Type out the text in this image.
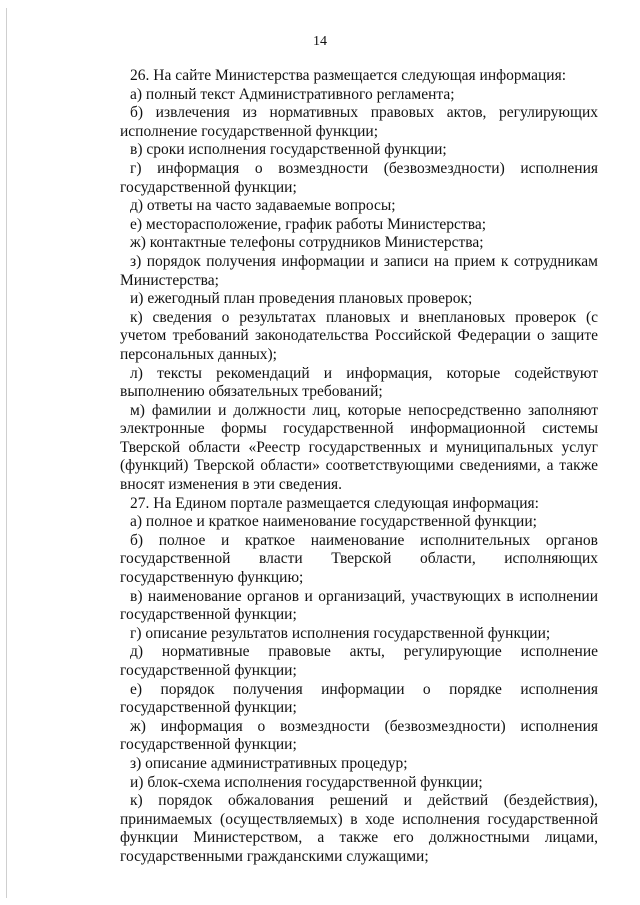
14

26. На сайте Министерства размещается следующая информация:

а) полный текст Административного регламента;

б) извлечения из нормативных правовых актов, регулирующих исполнение государственной функции;

в) сроки исполнения государственной функции;

г) информация о возмездности (безвозмездности) исполнения государственной функции;

д) ответы на часто задаваемые вопросы;

е) месторасположение, график работы Министерства;

ж) контактные телефоны сотрудников Министерства;

з) порядок получения информации и записи на прием к сотрудникам Министерства;

и) ежегодный план проведения плановых проверок;

к) сведения о результатах плановых и внеплановых проверок (с учетом требований законодательства Российской Федерации о защите персональных данных);

л) тексты рекомендаций и информация, которые содействуют выполнению обязательных требований;

м) фамилии и должности лиц, которые непосредственно заполняют электронные формы государственной информационной системы Тверской области «Реестр государственных и муниципальных услуг (функций) Тверской области» соответствующими сведениями, а также вносят изменения в эти сведения.

27. На Едином портале размещается следующая информация:

а) полное и краткое наименование государственной функции;

б) полное и краткое наименование исполнительных органов государственной власти Тверской области, исполняющих государственную функцию;

в) наименование органов и организаций, участвующих в исполнении государственной функции;

г) описание результатов исполнения государственной функции;

д) нормативные правовые акты, регулирующие исполнение государственной функции;

е) порядок получения информации о порядке исполнения государственной функции;

ж) информация о возмездности (безвозмездности) исполнения государственной функции;

з) описание административных процедур;

и) блок-схема исполнения государственной функции;

к) порядок обжалования решений и действий (бездействия), принимаемых (осуществляемых) в ходе исполнения государственной функции Министерством, а также его должностными лицами, государственными гражданскими служащими;
